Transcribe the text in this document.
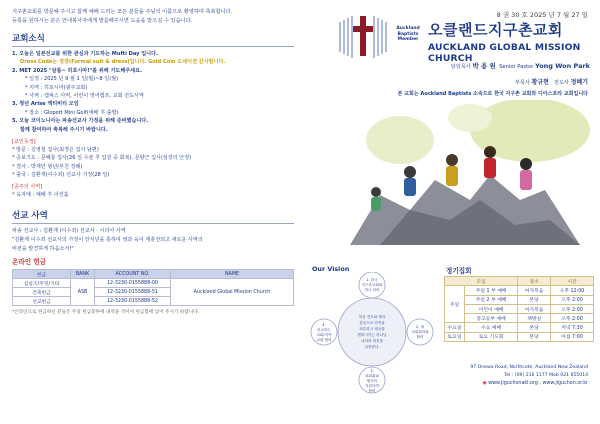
지구촌교회를 방문해 주시고 함께 예배 드리는 모든 분들을 주님의 이름으로 환영하며 축복합니다.
등록을 원하시는 분은 안내봉사자에게 말씀해주시면 도움을 받으실 수 있습니다.
교회소식
1. 오늘은 일본선교를 위한 관심과 기도하는 Mufti Day 입니다.
Dress Code는 정장(Formal suit & dress)입니다. Gold Coin 도네이션 감사합니다.
2. MET 2025 "살롬~ 히포시마!"를 위해 기도해주세요.
* 일정 : 2025 년 9 월 1 일(월)~8 일(월)
* 지역 : 히포시마(광주교회)
* 사역 : 캠퍼스 사역, 어린이 영어캠프, 교회 전도사역
3. 청년 Arise 액티비티 모임
* 장소 : Glopott Mini Golf(예배 후 출발)
5. 오늘 코이노니아는 파송선교사 가정을 위해 준비했습니다.
함께 참여하여 축복해 주시기 바랍니다.
[교인동정]
* 방문 : 김영철 집사(최경은 집사 남편)
* 증보기도 : 문혜룡 집사(26 일 수술 후 입원 중 회복), 문량근 집사(심장의 안정)
* 결사 : 박재만 형년(부친 장례)
* 출국 : 김환재(이수죄) 선교사 가정(28 일)
[공주의 사역]
* 옥자매 : 예배 후 이션홀
선교 사역
파송 선교사 : 김환재 (이수죄) 선교사 · 시리아 사역
"김환재 이수죄 선교사의 가정이 안식년을 통하여 영과 육이 재충전되고 새로운 사역의
비전을 발견하게 하옵소서!"
온라인 헌금
헌금	BANK	ACCOUNT NO.	NAME
십일조/주정/기타	ASB	12-3230-0155888-00	Auckland Global Mission Church
건축헌금		12-3230-0155888-51	
선교헌금		12-3230-0155888-52	
*온라인으로 헌금하신 분들은 주일 헌금봉투에 내역을 적어서 헌금함에 넣어 주시기 바랍니다.
8 권 30 호 2025 년 7 월 27 일
Auckland
Baptists
Member
오클랜드지구촌교회
AUCKLAND GLOBAL MISSION CHURCH
담임목사 박 용 원 Senior Pastor Yong Won Park
부목사 황규현 전도사 정혜기
본 교회는 Auckland Baptists 소속으로 한국 지구촌 교회와 디아스포라 교회입니다
Our Vision
복음 전도와 제자
삼음으로 민족을
치유하고 세상을
변화시키는 하나님
나라의 비전을
실현한다.
1. 한국
지구촌교회와
하나 되어
2. 새
교회회의와
협력
3.
복회회와
협의의
지원하여
협력
4.
선교하는
교회/지역
교회 협력
정기집회
모임		장소	시간
주일	주일 1 부 예배	마가복음	오후 12:00
	주일 2 부 예배	본당	오후 2:00
	어린이 예배	마가복음	오후 2:00
	중고등부 예배	책방실	오후 2:00
수요일	수요 예배	본당	저녁 7:30
토요일	토요 기도회	본당	아침 7:00
97 Onewa Road, Northcote, Auckland New Zealand
Tel : (09) 216 1177 Mob 021 655014
◉ www.jiguchonakl.org , www.jiguchon.or.kr
